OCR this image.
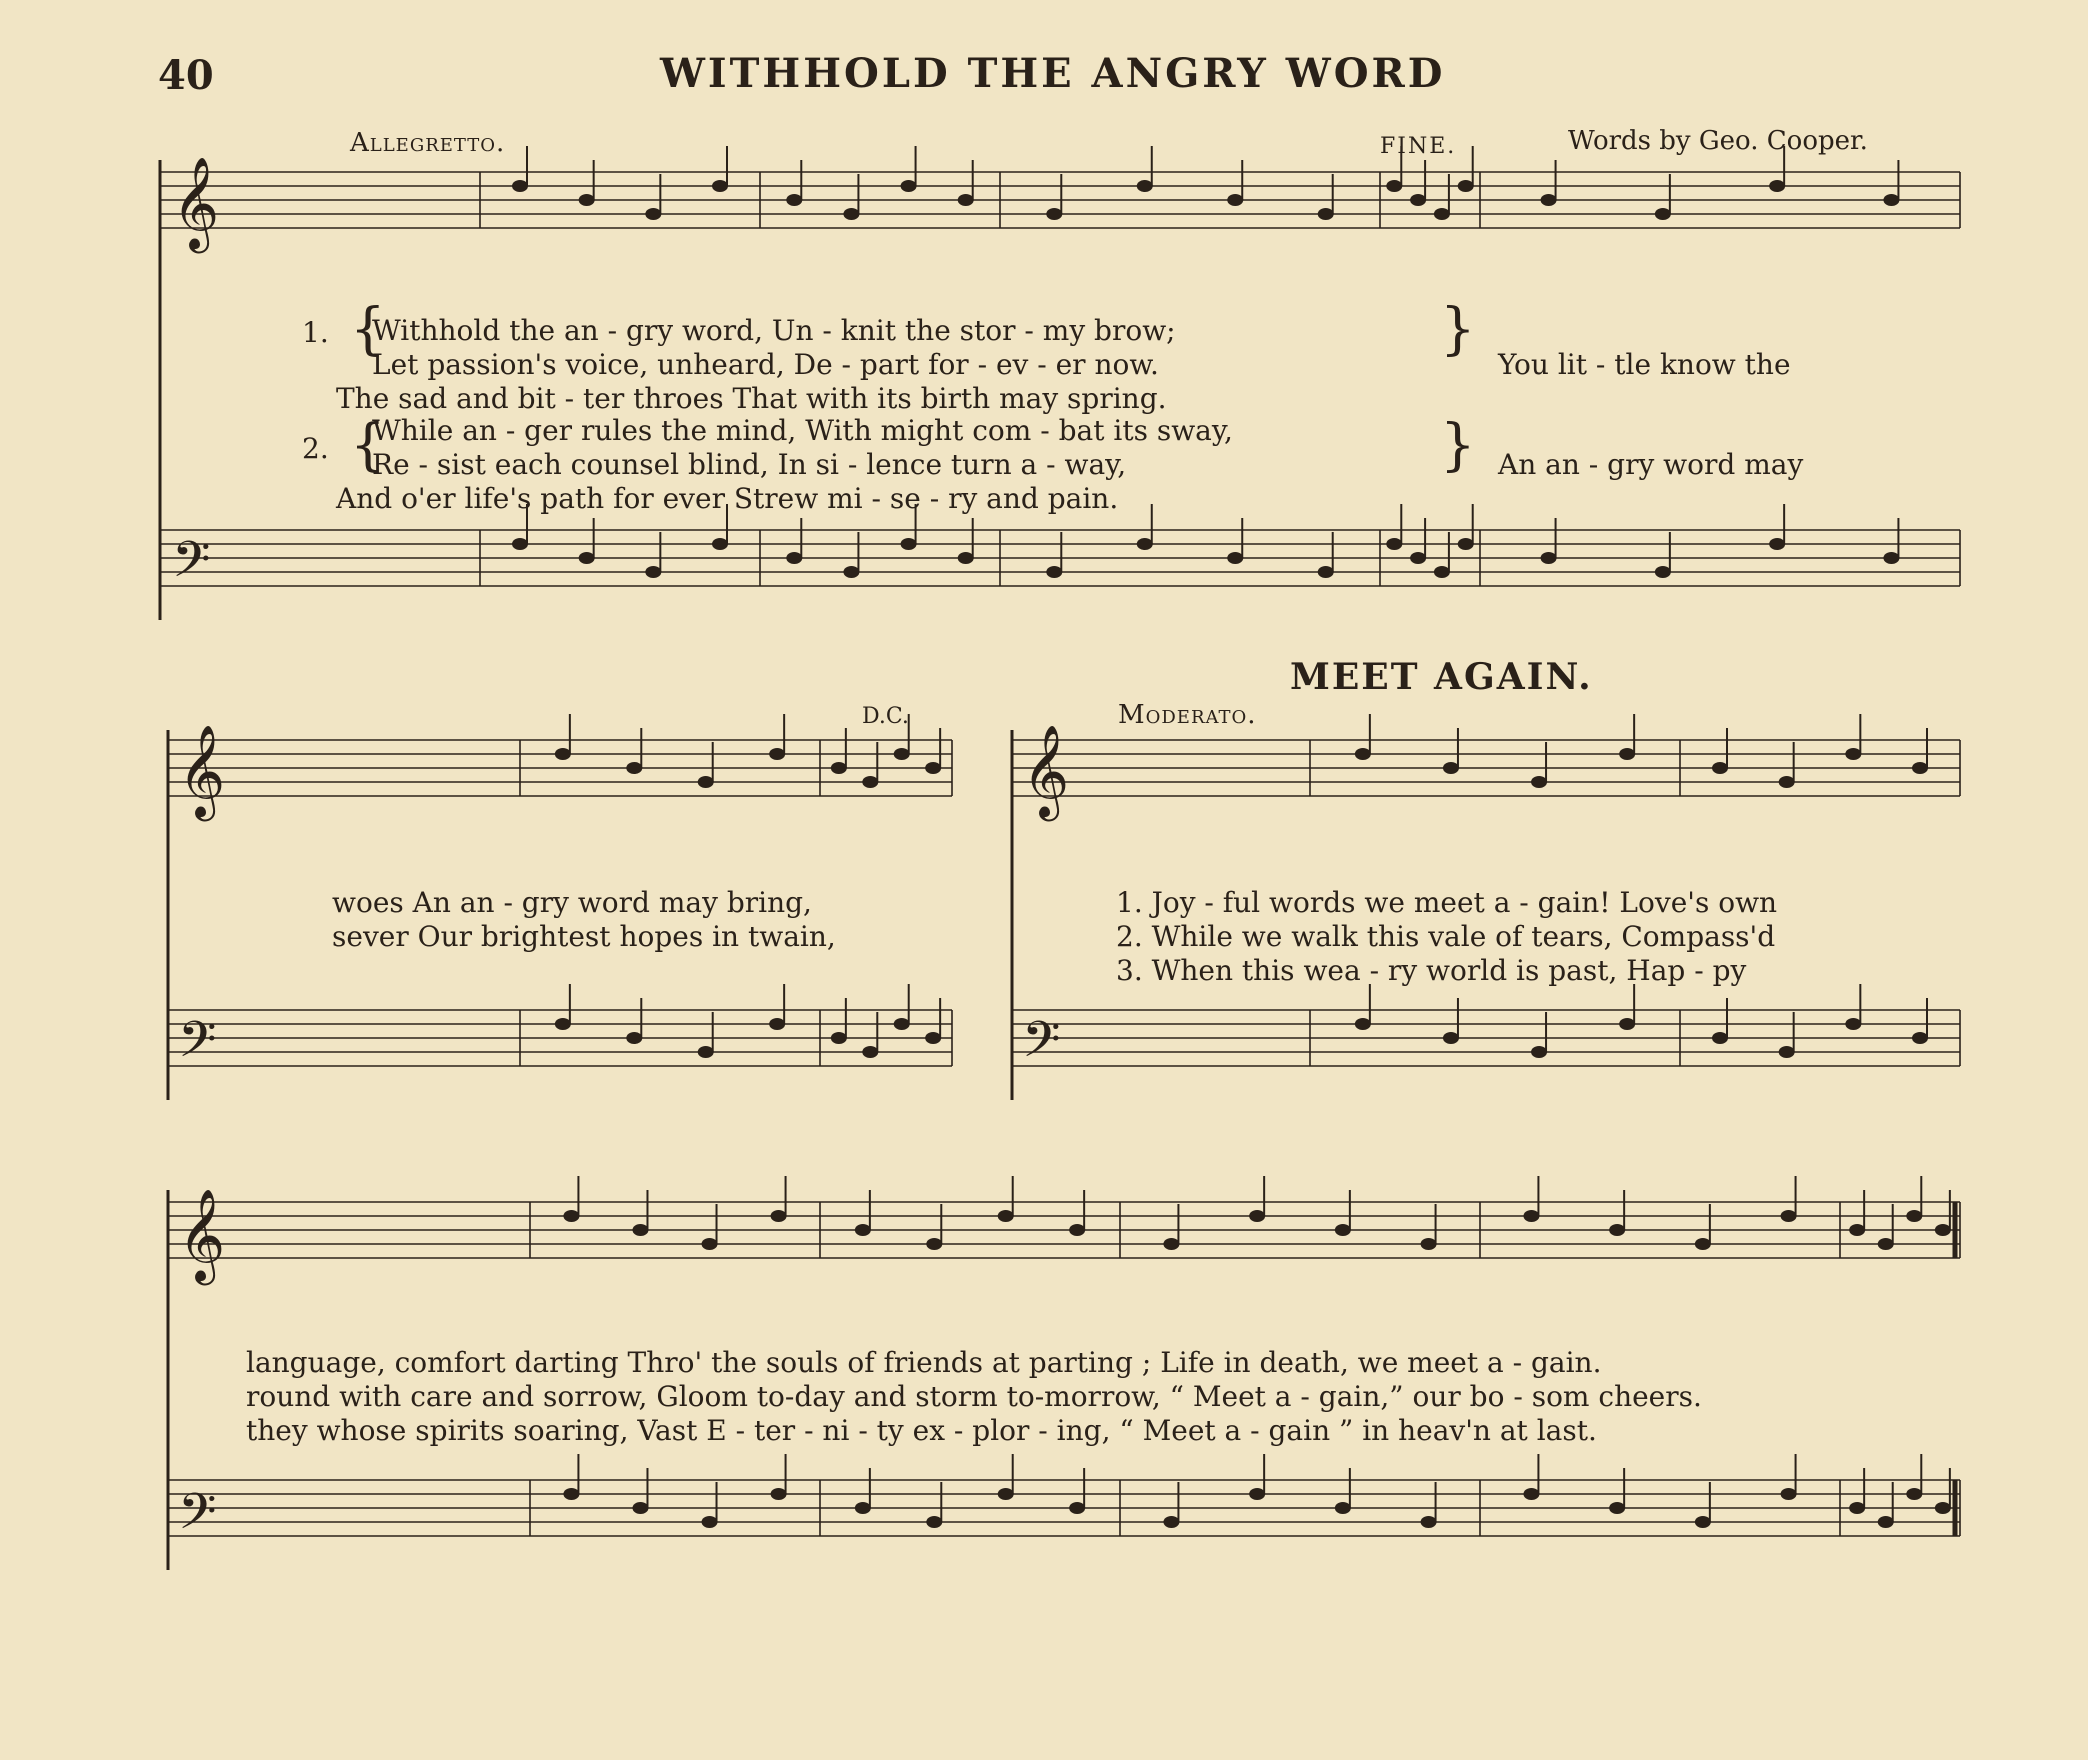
40	WITHHOLD THE ANGRY WORD
Allegretto.	FINE.	Words by Geo. Cooper.
D.C.
1. {
Withhold the an - gry word, Un - knit the stor - my brow;
Let passion's voice, unheard, De - part for - ev - er now.
}
The sad and bit - ter throes That with its birth may spring.
You lit - tle know the
2. {
While an - ger rules the mind, With might com - bat its sway,
Re - sist each counsel blind, In si - lence turn a - way,	}
And o'er life's path for ever Strew mi - se - ry and pain.
An an - gry word may
woes An an - gry word may bring,
sever Our brightest hopes in twain,
MEET AGAIN.
Moderato.
1. Joy - ful words we meet a - gain! Love's own
2. While we walk this vale of tears, Compass'd
3. When this wea - ry world is past, Hap - py
language, comfort darting Thro' the souls of friends at parting ; Life in death, we meet a - gain.
round with care and sorrow, Gloom to-day and storm to-morrow, “ Meet a - gain,” our bo - som cheers.
they whose spirits soaring, Vast E - ter - ni - ty ex - plor - ing, “ Meet a - gain ” in heav'n at last.
𝄞
𝄢
𝄞
𝄢
𝄞
𝄢
𝄞
𝄢
